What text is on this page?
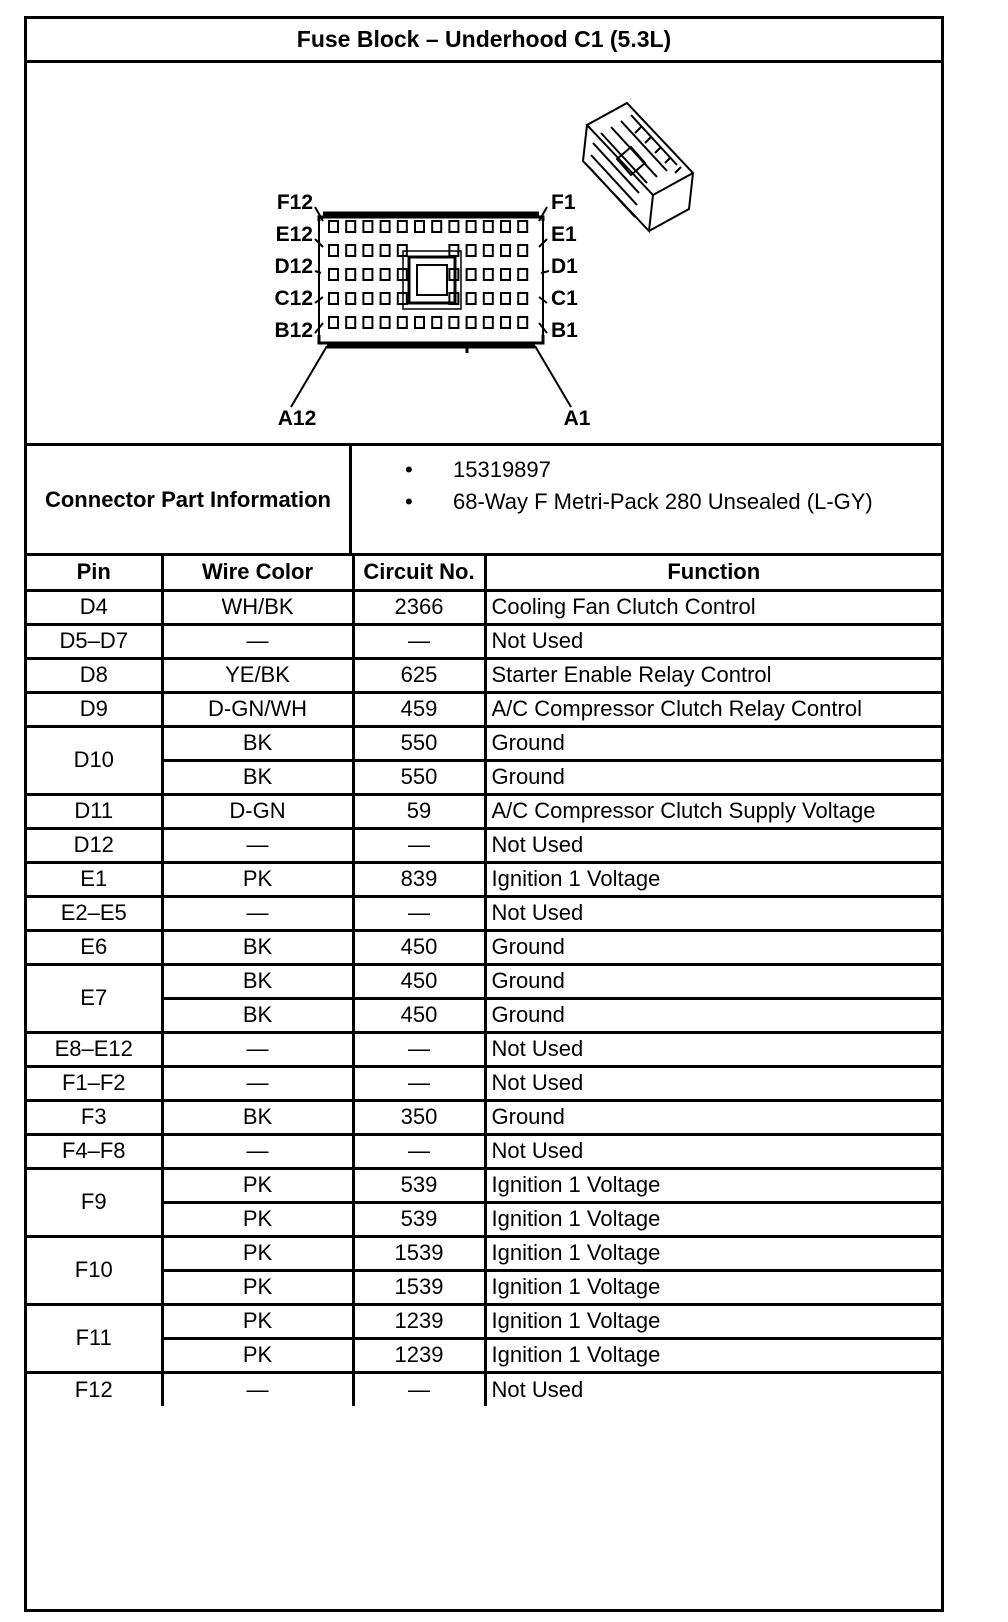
Fuse Block – Underhood C1 (5.3L)
F12
E12
D12
C12
B12
F1
E1
D1
C1
B1
A12	A1
Connector Part Information
• 15319897
• 68-Way F Metri-Pack 280 Unsealed (L-GY)
Pin	Wire Color	Circuit No.	Function
D4	WH/BK	2366	Cooling Fan Clutch Control
D5–D7	—	—	Not Used
D8	YE/BK	625	Starter Enable Relay Control
D9	D-GN/WH	459	A/C Compressor Clutch Relay Control
D10	BK	550	Ground
	BK	550	Ground
D11	D-GN	59	A/C Compressor Clutch Supply Voltage
D12	—	—	Not Used
E1	PK	839	Ignition 1 Voltage
E2–E5	—	—	Not Used
E6	BK	450	Ground
E7	BK	450	Ground
	BK	450	Ground
E8–E12	—	—	Not Used
F1–F2	—	—	Not Used
F3	BK	350	Ground
F4–F8	—	—	Not Used
F9	PK	539	Ignition 1 Voltage
	PK	539	Ignition 1 Voltage
F10	PK	1539	Ignition 1 Voltage
	PK	1539	Ignition 1 Voltage
F11	PK	1239	Ignition 1 Voltage
	PK	1239	Ignition 1 Voltage
F12	—	—	Not Used
